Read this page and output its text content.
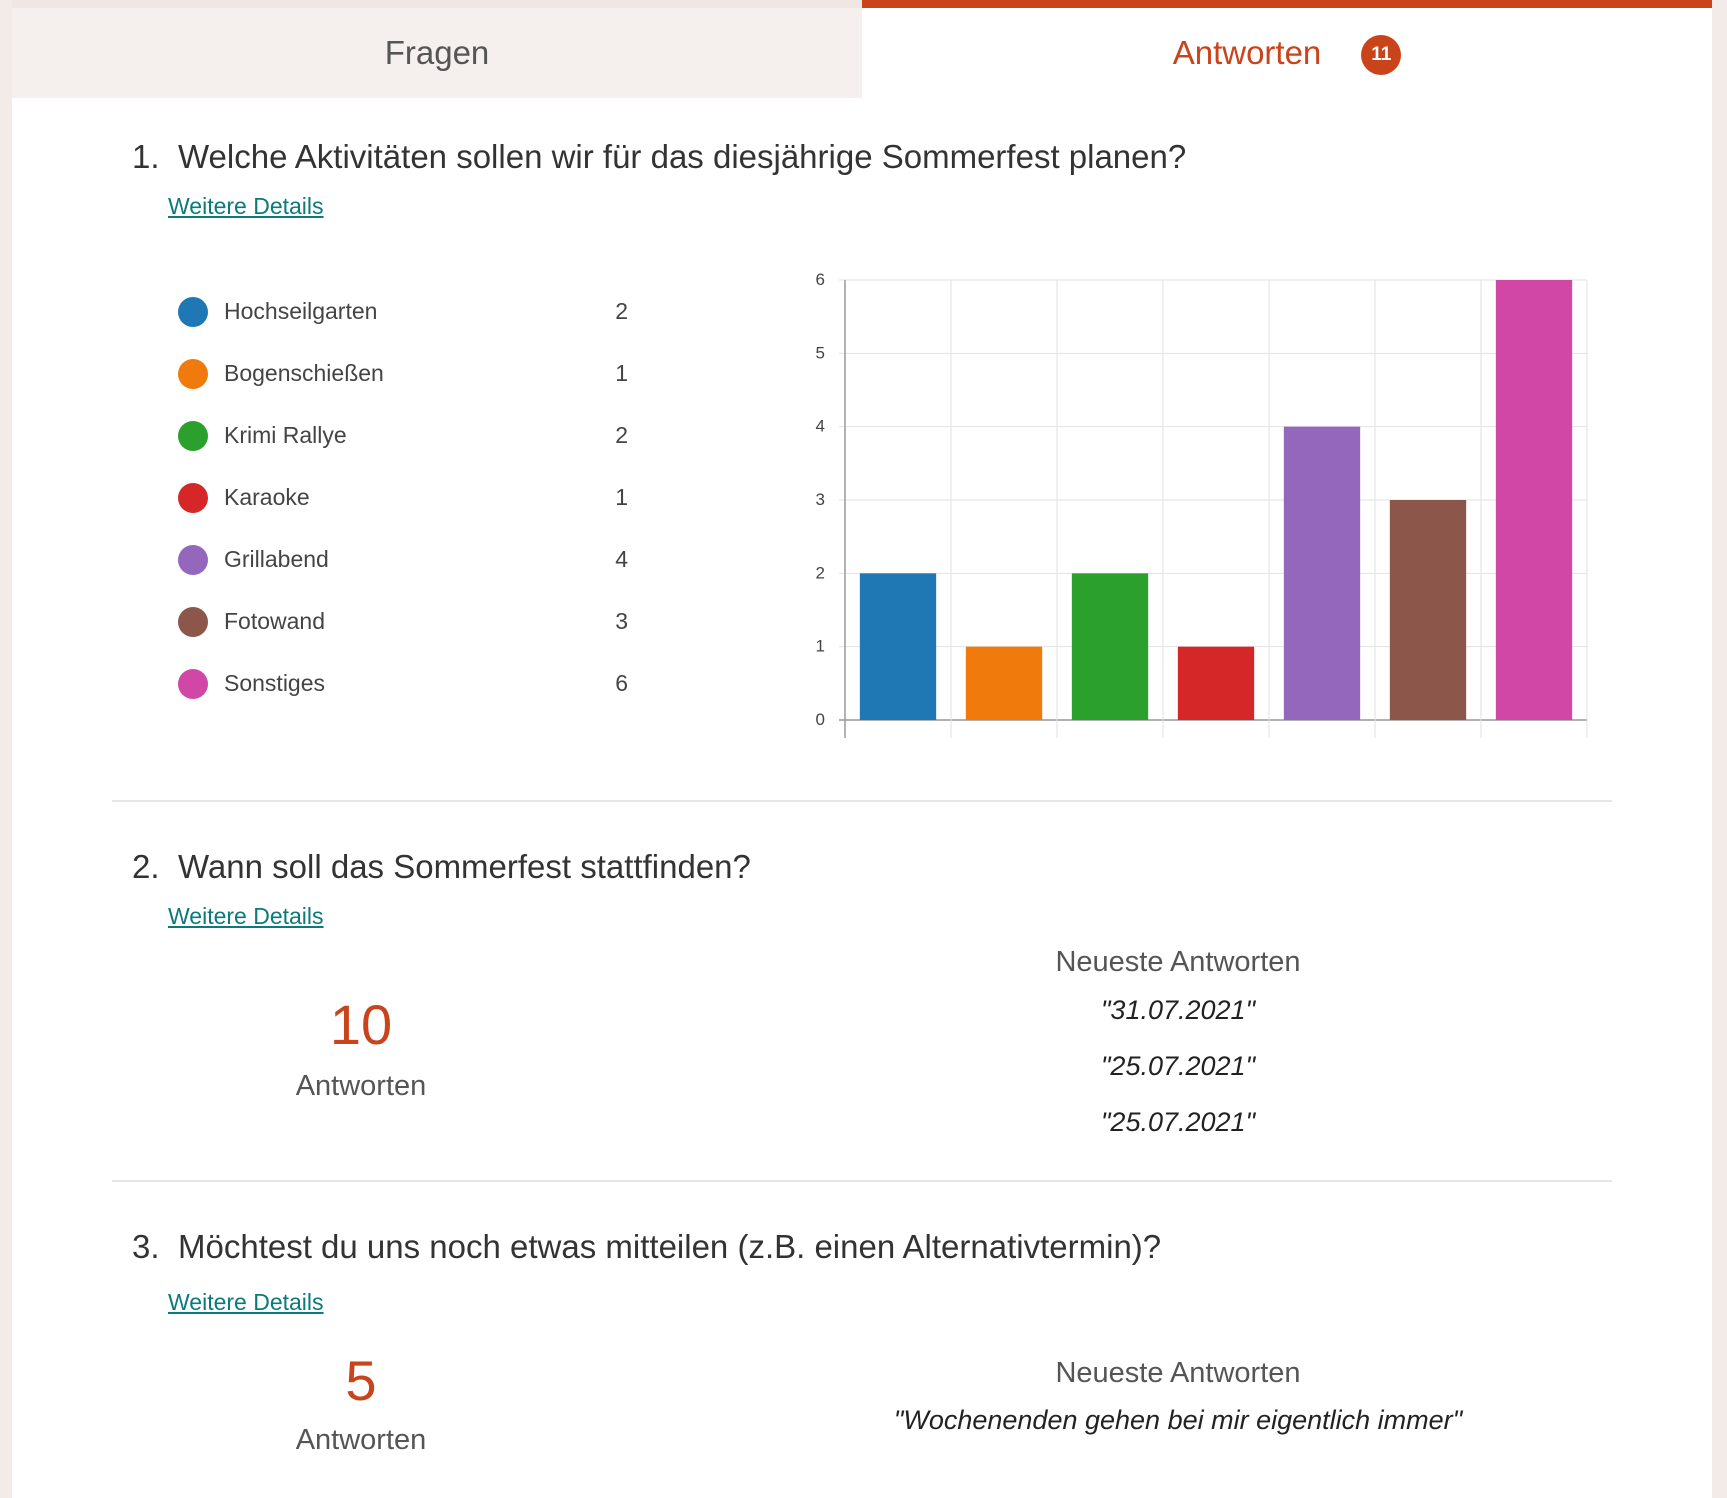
Fragen	Antworten	11
1. Welche Aktivitäten sollen wir für das diesjährige Sommerfest planen?
Weitere Details
Hochseilgarten	2
Bogenschießen	1
Krimi Rallye	2
Karaoke	1
Grillabend	4
Fotowand	3
Sonstiges	6
0
1
2
3
4
5
6
2. Wann soll das Sommerfest stattfinden?
Weitere Details
10
Antworten
Neueste Antworten
"31.07.2021"
"25.07.2021"
"25.07.2021"
3. Möchtest du uns noch etwas mitteilen (z.B. einen Alternativtermin)?
Weitere Details
5
Antworten
Neueste Antworten
"Wochenenden gehen bei mir eigentlich immer"
